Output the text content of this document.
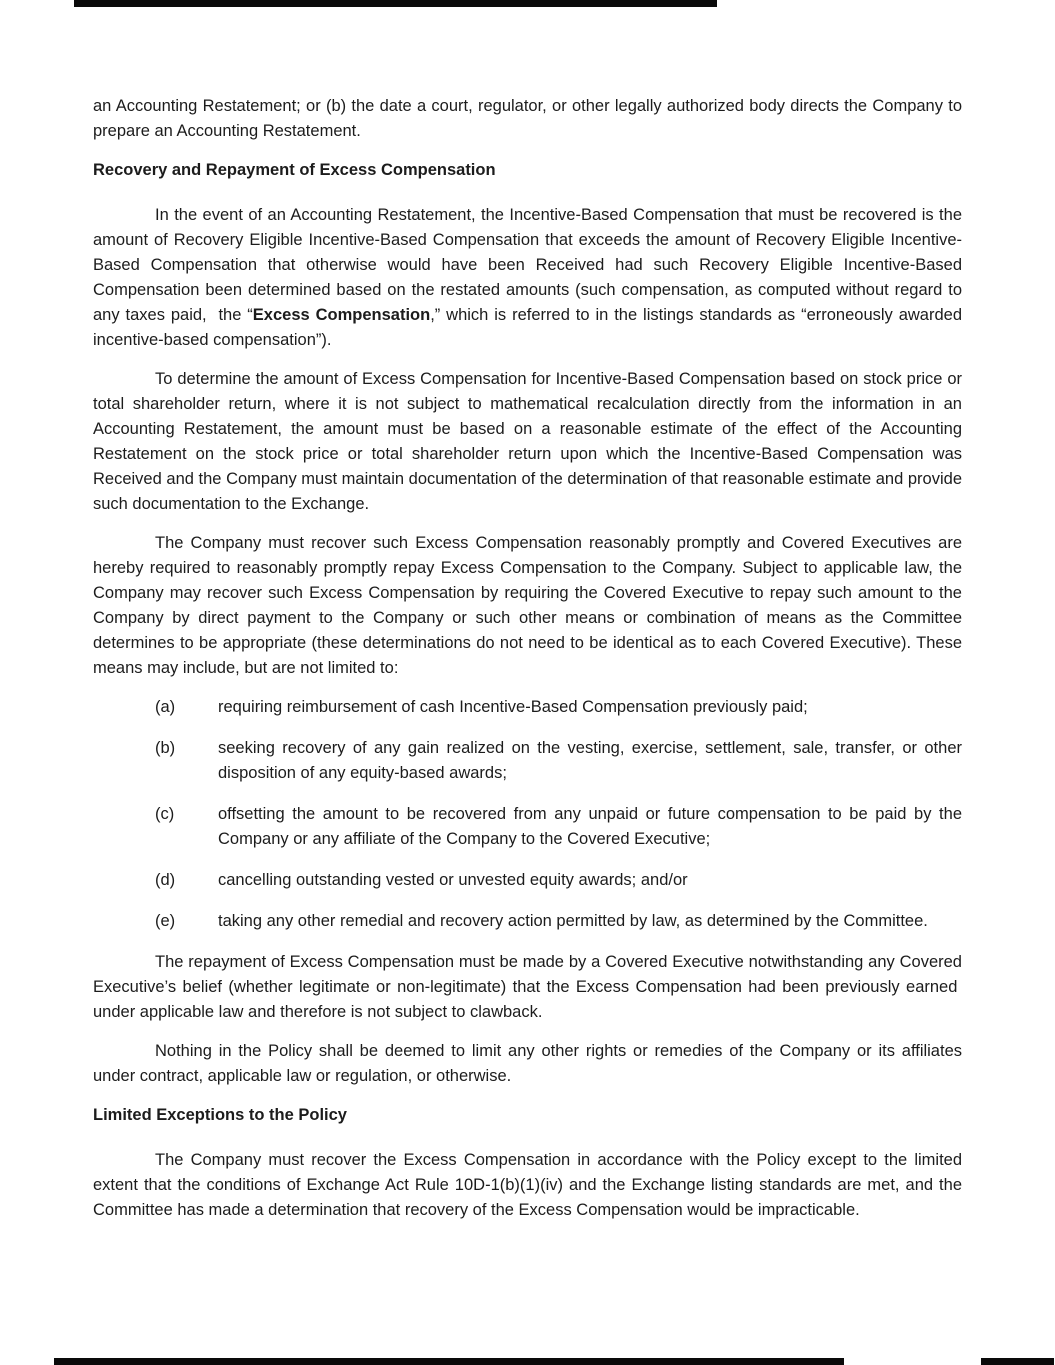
an Accounting Restatement; or (b) the date a court, regulator, or other legally authorized body directs the Company to prepare an Accounting Restatement.

Recovery and Repayment of Excess Compensation

In the event of an Accounting Restatement, the Incentive-Based Compensation that must be recovered is the amount of Recovery Eligible Incentive-Based Compensation that exceeds the amount of Recovery Eligible Incentive-Based Compensation that otherwise would have been Received had such Recovery Eligible Incentive-Based Compensation been determined based on the restated amounts (such compensation, as computed without regard to any taxes paid,  the “Excess Compensation,” which is referred to in the listings standards as “erroneously awarded incentive-based compensation”).

To determine the amount of Excess Compensation for Incentive-Based Compensation based on stock price or total shareholder return, where it is not subject to mathematical recalculation directly from the information in an Accounting Restatement, the amount must be based on a reasonable estimate of the effect of the Accounting Restatement on the stock price or total shareholder return upon which the Incentive-Based Compensation was Received and the Company must maintain documentation of the determination of that reasonable estimate and provide such documentation to the Exchange.

The Company must recover such Excess Compensation reasonably promptly and Covered Executives are hereby required to reasonably promptly repay Excess Compensation to the Company. Subject to applicable law, the Company may recover such Excess Compensation by requiring the Covered Executive to repay such amount to the Company by direct payment to the Company or such other means or combination of means as the Committee determines to be appropriate (these determinations do not need to be identical as to each Covered Executive). These means may include, but are not limited to:

(a)	requiring reimbursement of cash Incentive-Based Compensation previously paid;
(b)	seeking recovery of any gain realized on the vesting, exercise, settlement, sale, transfer, or other disposition of any equity-based awards;
(c)	offsetting the amount to be recovered from any unpaid or future compensation to be paid by the Company or any affiliate of the Company to the Covered Executive;
(d)	cancelling outstanding vested or unvested equity awards; and/or
(e)	taking any other remedial and recovery action permitted by law, as determined by the Committee.

The repayment of Excess Compensation must be made by a Covered Executive notwithstanding any Covered Executive’s belief (whether legitimate or non-legitimate) that the Excess Compensation had been previously earned  under applicable law and therefore is not subject to clawback.

Nothing in the Policy shall be deemed to limit any other rights or remedies of the Company or its affiliates under contract, applicable law or regulation, or otherwise.

Limited Exceptions to the Policy

The Company must recover the Excess Compensation in accordance with the Policy except to the limited extent that the conditions of Exchange Act Rule 10D-1(b)(1)(iv) and the Exchange listing standards are met, and the Committee has made a determination that recovery of the Excess Compensation would be impracticable.
